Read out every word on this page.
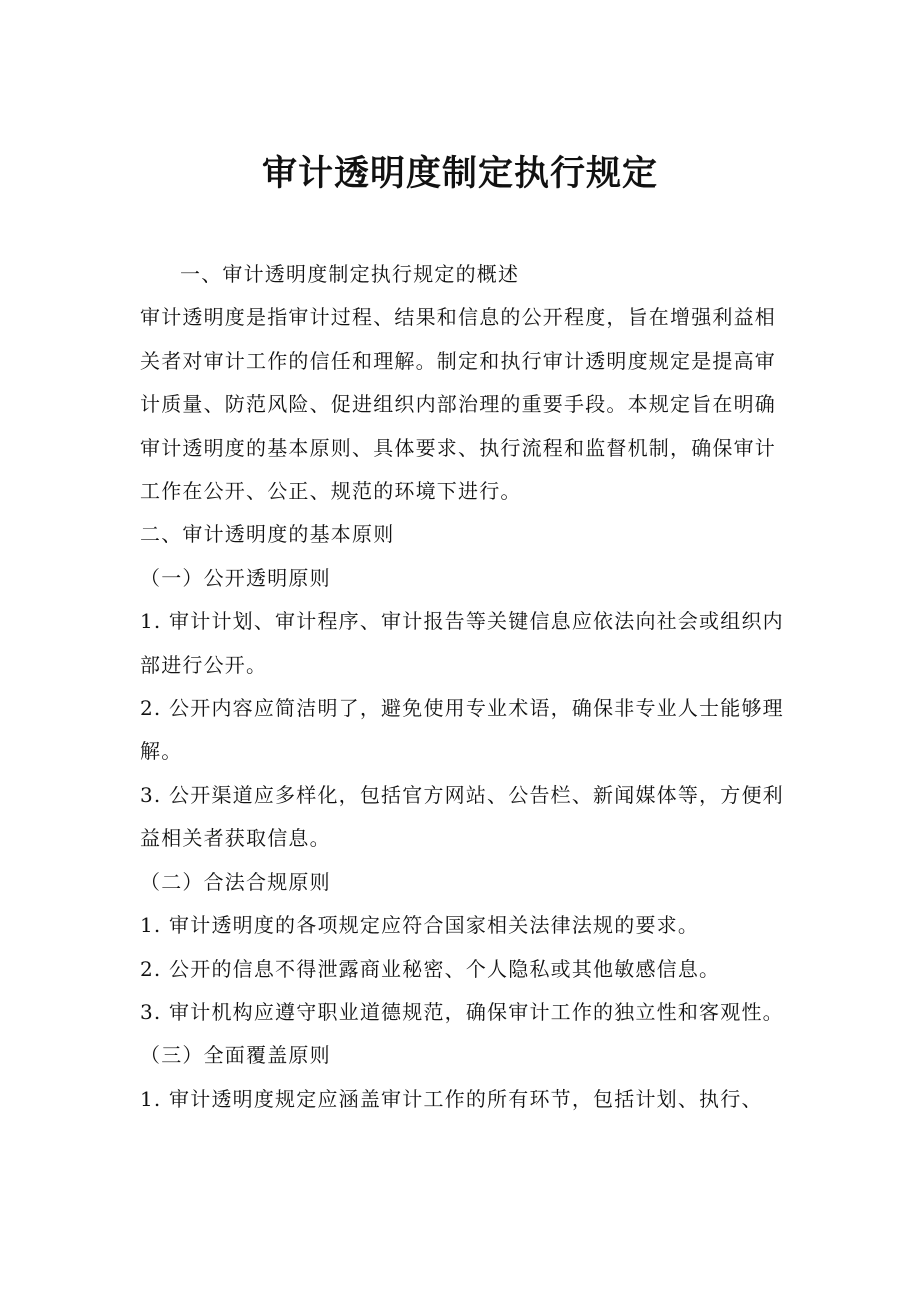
审计透明度制定执行规定

一、审计透明度制定执行规定的概述

审计透明度是指审计过程、结果和信息的公开程度，旨在增强利益相关者对审计工作的信任和理解。制定和执行审计透明度规定是提高审计质量、防范风险、促进组织内部治理的重要手段。本规定旨在明确审计透明度的基本原则、具体要求、执行流程和监督机制，确保审计工作在公开、公正、规范的环境下进行。

二、审计透明度的基本原则

（一）公开透明原则

1. 审计计划、审计程序、审计报告等关键信息应依法向社会或组织内部进行公开。

2. 公开内容应简洁明了，避免使用专业术语，确保非专业人士能够理解。

3. 公开渠道应多样化，包括官方网站、公告栏、新闻媒体等，方便利益相关者获取信息。

（二）合法合规原则

1. 审计透明度的各项规定应符合国家相关法律法规的要求。

2. 公开的信息不得泄露商业秘密、个人隐私或其他敏感信息。

3. 审计机构应遵守职业道德规范，确保审计工作的独立性和客观性。

（三）全面覆盖原则

1. 审计透明度规定应涵盖审计工作的所有环节，包括计划、执行、
